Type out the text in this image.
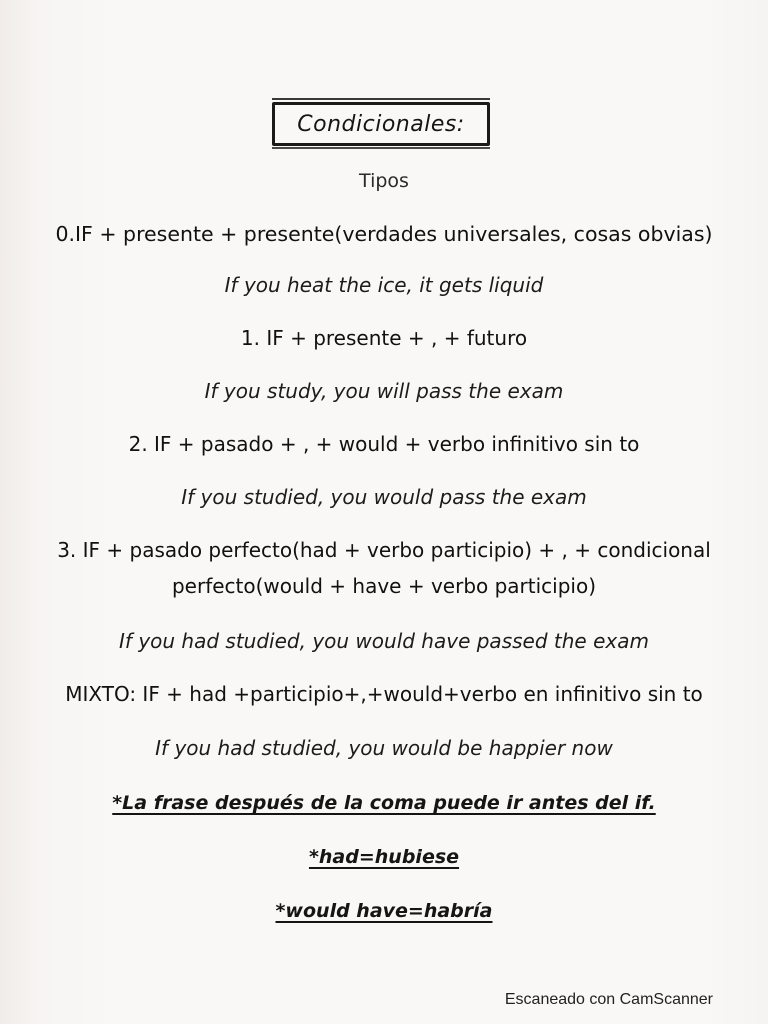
Condicionales:
Tipos
0.IF + presente + presente(verdades universales, cosas obvias)
If you heat the ice, it gets liquid
1. IF + presente + , + futuro
If you study, you will pass the exam
2. IF + pasado + , + would + verbo infinitivo sin to
If you studied, you would pass the exam
3. IF + pasado perfecto(had + verbo participio) + , + condicional
perfecto(would + have + verbo participio)
If you had studied, you would have passed the exam
MIXTO: IF + had +participio+,+would+verbo en infinitivo sin to
If you had studied, you would be happier now
*La frase después de la coma puede ir antes del if.
*had=hubiese
*would have=habría
Escaneado con CamScanner
